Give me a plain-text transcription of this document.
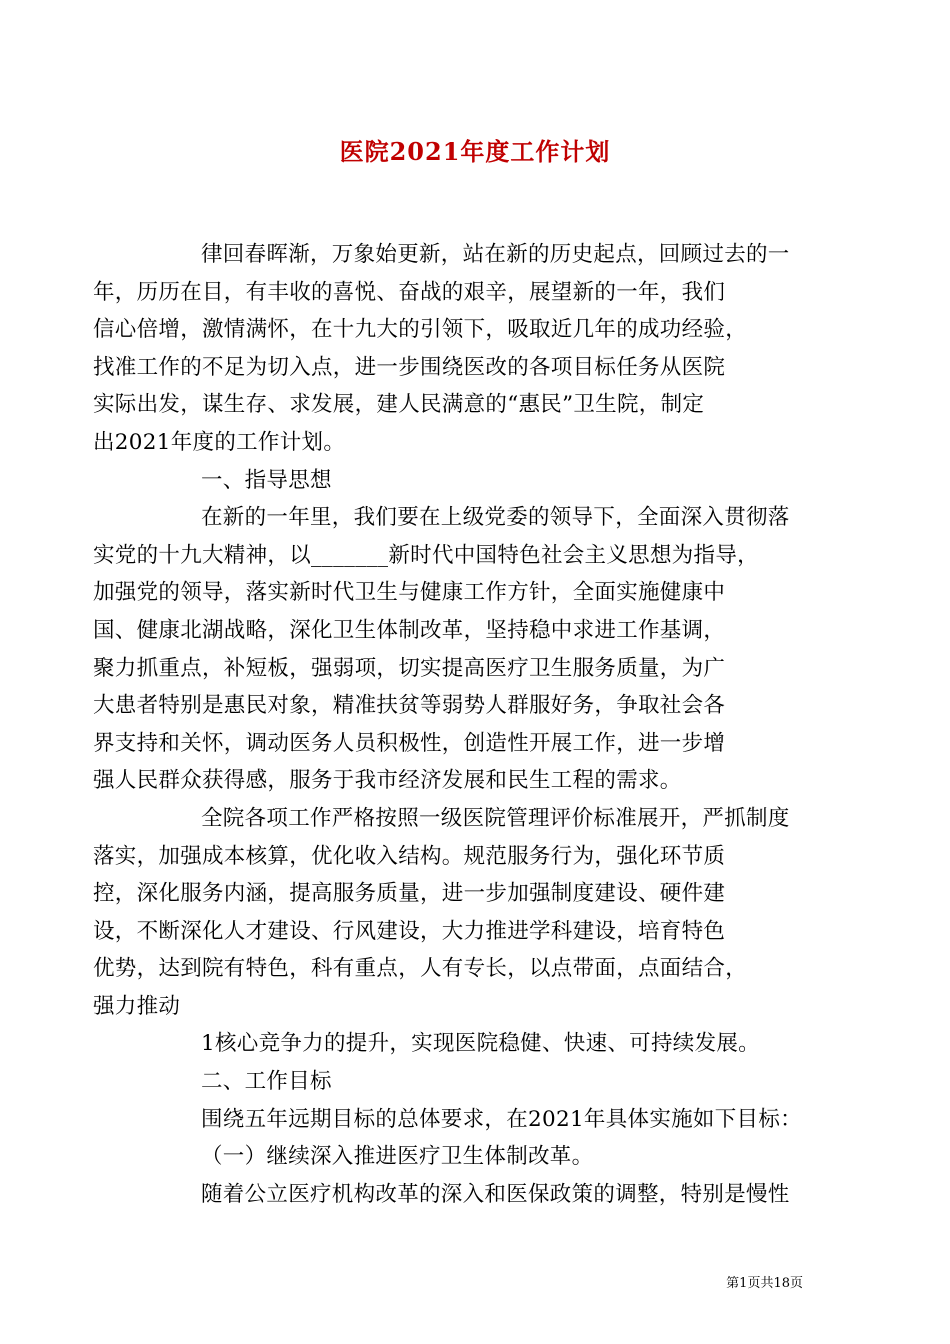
医院2021年度工作计划

律回春晖渐，万象始更新，站在新的历史起点，回顾过去的一
年，历历在目，有丰收的喜悦、奋战的艰辛，展望新的一年，我们
信心倍增，激情满怀，在十九大的引领下，吸取近几年的成功经验，
找准工作的不足为切入点，进一步围绕医改的各项目标任务从医院
实际出发，谋生存、求发展，建人民满意的“惠民”卫生院，制定
出2021年度的工作计划。

一、指导思想

在新的一年里，我们要在上级党委的领导下，全面深入贯彻落
实党的十九大精神，以_______新时代中国特色社会主义思想为指导，
加强党的领导，落实新时代卫生与健康工作方针，全面实施健康中
国、健康北湖战略，深化卫生体制改革，坚持稳中求进工作基调，
聚力抓重点，补短板，强弱项，切实提高医疗卫生服务质量，为广
大患者特别是惠民对象，精准扶贫等弱势人群服好务，争取社会各
界支持和关怀，调动医务人员积极性，创造性开展工作，进一步增
强人民群众获得感，服务于我市经济发展和民生工程的需求。

全院各项工作严格按照一级医院管理评价标准展开，严抓制度
落实，加强成本核算，优化收入结构。规范服务行为，强化环节质
控，深化服务内涵，提高服务质量，进一步加强制度建设、硬件建
设，不断深化人才建设、行风建设，大力推进学科建设，培育特色
优势，达到院有特色，科有重点，人有专长，以点带面，点面结合，
强力推动

1核心竞争力的提升，实现医院稳健、快速、可持续发展。

二、工作目标

围绕五年远期目标的总体要求，在2021年具体实施如下目标：

（一）继续深入推进医疗卫生体制改革。

随着公立医疗机构改革的深入和医保政策的调整，特别是慢性

第1页共18页
